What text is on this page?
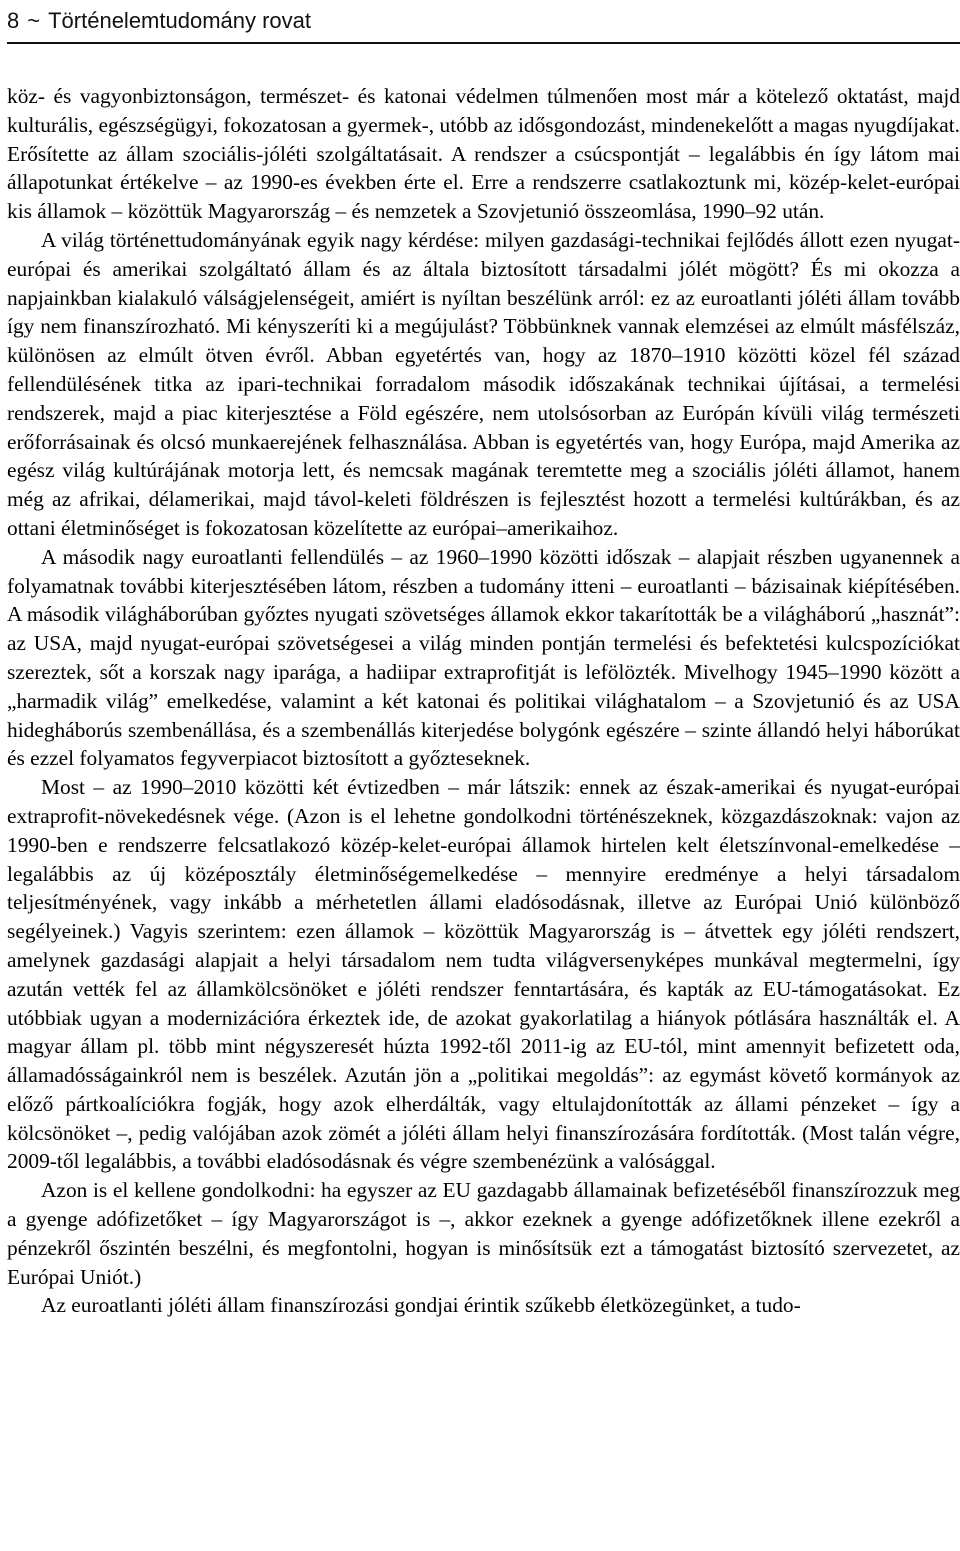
8 ~ Történelemtudomány rovat

köz- és vagyonbiztonságon, természet- és katonai védelmen túlmenően most már a kötelező oktatást, majd kulturális, egészségügyi, fokozatosan a gyermek-, utóbb az idősgondozást, mindenekelőtt a magas nyugdíjakat. Erősítette az állam szociális-jóléti szolgáltatásait. A rendszer a csúcspontját – legalábbis én így látom mai állapotunkat értékelve – az 1990-es években érte el. Erre a rendszerre csatlakoztunk mi, közép-kelet-európai kis államok – közöttük Magyarország – és nemzetek a Szovjetunió összeomlása, 1990–92 után.

A világ történettudományának egyik nagy kérdése: milyen gazdasági-technikai fejlődés állott ezen nyugat-európai és amerikai szolgáltató állam és az általa biztosított társadalmi jólét mögött? És mi okozza a napjainkban kialakuló válságjelenségeit, amiért is nyíltan beszélünk arról: ez az euroatlanti jóléti állam tovább így nem finanszírozható. Mi kényszeríti ki a megújulást? Többünknek vannak elemzései az elmúlt másfélszáz, különösen az elmúlt ötven évről. Abban egyetértés van, hogy az 1870–1910 közötti közel fél század fellendülésének titka az ipari-technikai forradalom második időszakának technikai újításai, a termelési rendszerek, majd a piac kiterjesztése a Föld egészére, nem utolsósorban az Európán kívüli világ természeti erőforrásainak és olcsó munkaerejének felhasználása. Abban is egyetértés van, hogy Európa, majd Amerika az egész világ kultúrájának motorja lett, és nemcsak magának teremtette meg a szociális jóléti államot, hanem még az afrikai, délamerikai, majd távol-keleti földrészen is fejlesztést hozott a termelési kultúrákban, és az ottani életminőséget is fokozatosan közelítette az európai–amerikaihoz.

A második nagy euroatlanti fellendülés – az 1960–1990 közötti időszak – alapjait részben ugyanennek a folyamatnak további kiterjesztésében látom, részben a tudomány itteni – euroatlanti – bázisainak kiépítésében. A második világháborúban győztes nyugati szövetséges államok ekkor takarították be a világháború „hasznát”: az USA, majd nyugat-európai szövetségesei a világ minden pontján termelési és befektetési kulcspozíciókat szereztek, sőt a korszak nagy iparága, a hadiipar extraprofitját is lefölözték. Mivelhogy 1945–1990 között a „harmadik világ” emelkedése, valamint a két katonai és politikai világhatalom – a Szovjetunió és az USA hidegháborús szembenállása, és a szembenállás kiterjedése bolygónk egészére – szinte állandó helyi háborúkat és ezzel folyamatos fegyverpiacot biztosított a győzteseknek.

Most – az 1990–2010 közötti két évtizedben – már látszik: ennek az észak-amerikai és nyugat-európai extraprofit-növekedésnek vége. (Azon is el lehetne gondolkodni történészeknek, közgazdászoknak: vajon az 1990-ben e rendszerre felcsatlakozó közép-kelet-európai államok hirtelen kelt életszínvonal-emelkedése – legalábbis az új középosztály életminőségemelkedése – mennyire eredménye a helyi társadalom teljesítményének, vagy inkább a mérhetetlen állami eladósodásnak, illetve az Európai Unió különböző segélyeinek.) Vagyis szerintem: ezen államok – közöttük Magyarország is – átvettek egy jóléti rendszert, amelynek gazdasági alapjait a helyi társadalom nem tudta világversenyképes munkával megtermelni, így azután vették fel az államkölcsönöket e jóléti rendszer fenntartására, és kapták az EU-támogatásokat. Ez utóbbiak ugyan a modernizációra érkeztek ide, de azokat gyakorlatilag a hiányok pótlására használták el. A magyar állam pl. több mint négyszeresét húzta 1992-től 2011-ig az EU-tól, mint amennyit befizetett oda, államadósságainkról nem is beszélek. Azután jön a „politikai megoldás”: az egymást követő kormányok az előző pártkoalíciókra fogják, hogy azok elherdálták, vagy eltulajdonították az állami pénzeket – így a kölcsönöket –, pedig valójában azok zömét a jóléti állam helyi finanszírozására fordították. (Most talán végre, 2009-től legalábbis, a további eladósodásnak és végre szembenézünk a valósággal.

Azon is el kellene gondolkodni: ha egyszer az EU gazdagabb államainak befizetéséből finanszírozzuk meg a gyenge adófizetőket – így Magyarországot is –, akkor ezeknek a gyenge adófizetőknek illene ezekről a pénzekről őszintén beszélni, és megfontolni, hogyan is minősítsük ezt a támogatást biztosító szervezetet, az Európai Uniót.)

Az euroatlanti jóléti állam finanszírozási gondjai érintik szűkebb életközegünket, a tudo-
